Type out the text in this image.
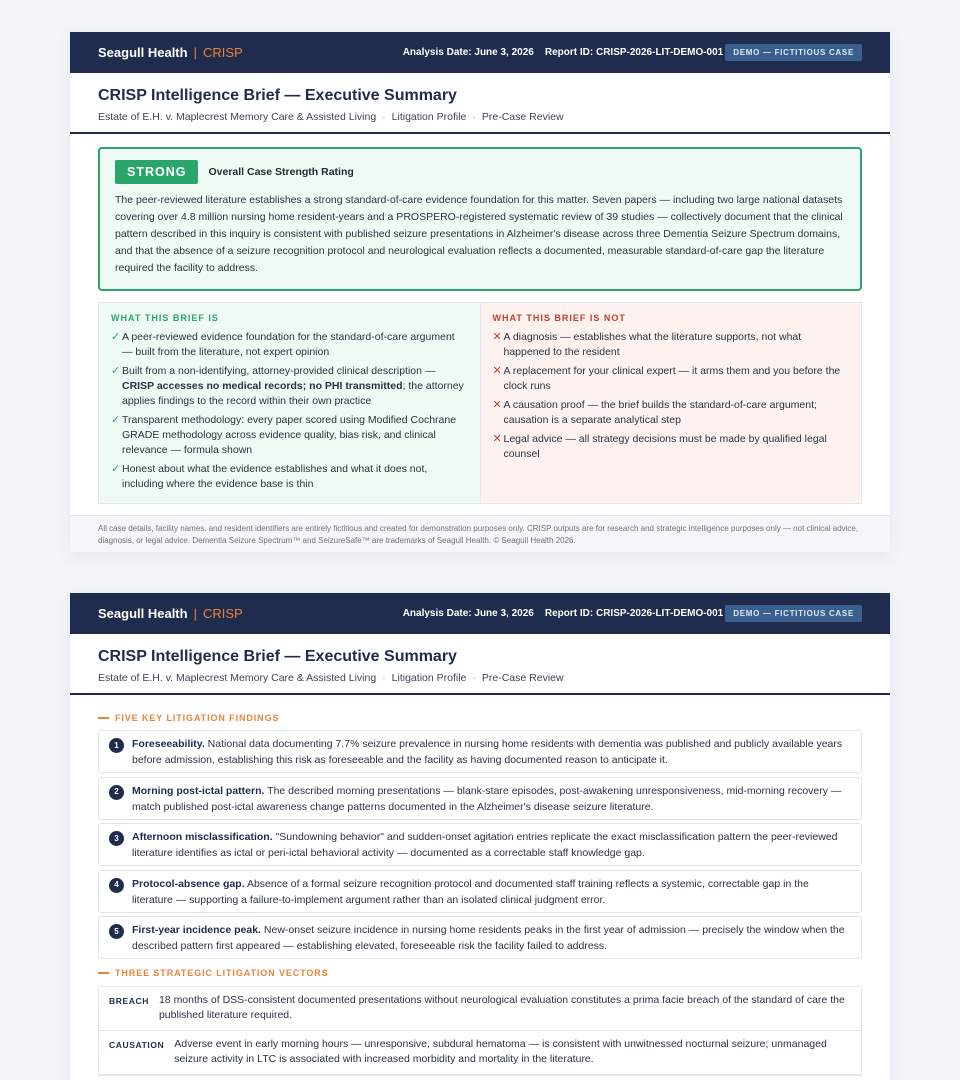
Seagull Health | CRISP	Analysis Date: June 3, 2026 Report ID: CRISP-2026-LIT-DEMO-001	DEMO — FICTITIOUS CASE
CRISP Intelligence Brief — Executive Summary
Estate of E.H. v. Maplecrest Memory Care & Assisted Living · Litigation Profile · Pre-Case Review
STRONG	Overall Case Strength Rating
The peer-reviewed literature establishes a strong standard-of-care evidence foundation for this matter. Seven papers — including two large national datasets covering over 4.8 million nursing home resident-years and a PROSPERO-registered systematic review of 39 studies — collectively document that the clinical pattern described in this inquiry is consistent with published seizure presentations in Alzheimer's disease across three Dementia Seizure Spectrum domains, and that the absence of a seizure recognition protocol and neurological evaluation reflects a documented, measurable standard-of-care gap the literature required the facility to address.
WHAT THIS BRIEF IS
✓ A peer-reviewed evidence foundation for the standard-of-care argument — built from the literature, not expert opinion
✓ Built from a non-identifying, attorney-provided clinical description — CRISP accesses no medical records; no PHI transmitted; the attorney applies findings to the record within their own practice
✓ Transparent methodology: every paper scored using Modified Cochrane GRADE methodology across evidence quality, bias risk, and clinical relevance — formula shown
✓ Honest about what the evidence establishes and what it does not, including where the evidence base is thin
WHAT THIS BRIEF IS NOT
✕ A diagnosis — establishes what the literature supports, not what happened to the resident
✕ A replacement for your clinical expert — it arms them and you before the clock runs
✕ A causation proof — the brief builds the standard-of-care argument; causation is a separate analytical step
✕ Legal advice — all strategy decisions must be made by qualified legal counsel
All case details, facility names, and resident identifiers are entirely fictitious and created for demonstration purposes only. CRISP outputs are for research and strategic intelligence purposes only — not clinical advice, diagnosis, or legal advice. Dementia Seizure Spectrum™ and SeizureSafe™ are trademarks of Seagull Health. © Seagull Health 2026.
Seagull Health | CRISP	Analysis Date: June 3, 2026 Report ID: CRISP-2026-LIT-DEMO-001	DEMO — FICTITIOUS CASE
CRISP Intelligence Brief — Executive Summary
Estate of E.H. v. Maplecrest Memory Care & Assisted Living · Litigation Profile · Pre-Case Review
FIVE KEY LITIGATION FINDINGS
1	Foreseeability. National data documenting 7.7% seizure prevalence in nursing home residents with dementia was published and publicly available years before admission, establishing this risk as foreseeable and the facility as having documented reason to anticipate it.
2	Morning post-ictal pattern. The described morning presentations — blank-stare episodes, post-awakening unresponsiveness, mid-morning recovery — match published post-ictal awareness change patterns documented in the Alzheimer's disease seizure literature.
3	Afternoon misclassification. "Sundowning behavior" and sudden-onset agitation entries replicate the exact misclassification pattern the peer-reviewed literature identifies as ictal or peri-ictal behavioral activity — documented as a correctable staff knowledge gap.
4	Protocol-absence gap. Absence of a formal seizure recognition protocol and documented staff training reflects a systemic, correctable gap in the literature — supporting a failure-to-implement argument rather than an isolated clinical judgment error.
5	First-year incidence peak. New-onset seizure incidence in nursing home residents peaks in the first year of admission — precisely the window when the described pattern first appeared — establishing elevated, foreseeable risk the facility failed to address.
THREE STRATEGIC LITIGATION VECTORS
BREACH 18 months of DSS-consistent documented presentations without neurological evaluation constitutes a prima facie breach of the standard of care the published literature required.
CAUSATION Adverse event in early morning hours — unresponsive, subdural hematoma — is consistent with unwitnessed nocturnal seizure; unmanaged seizure activity in LTC is associated with increased morbidity and mortality in the literature.
